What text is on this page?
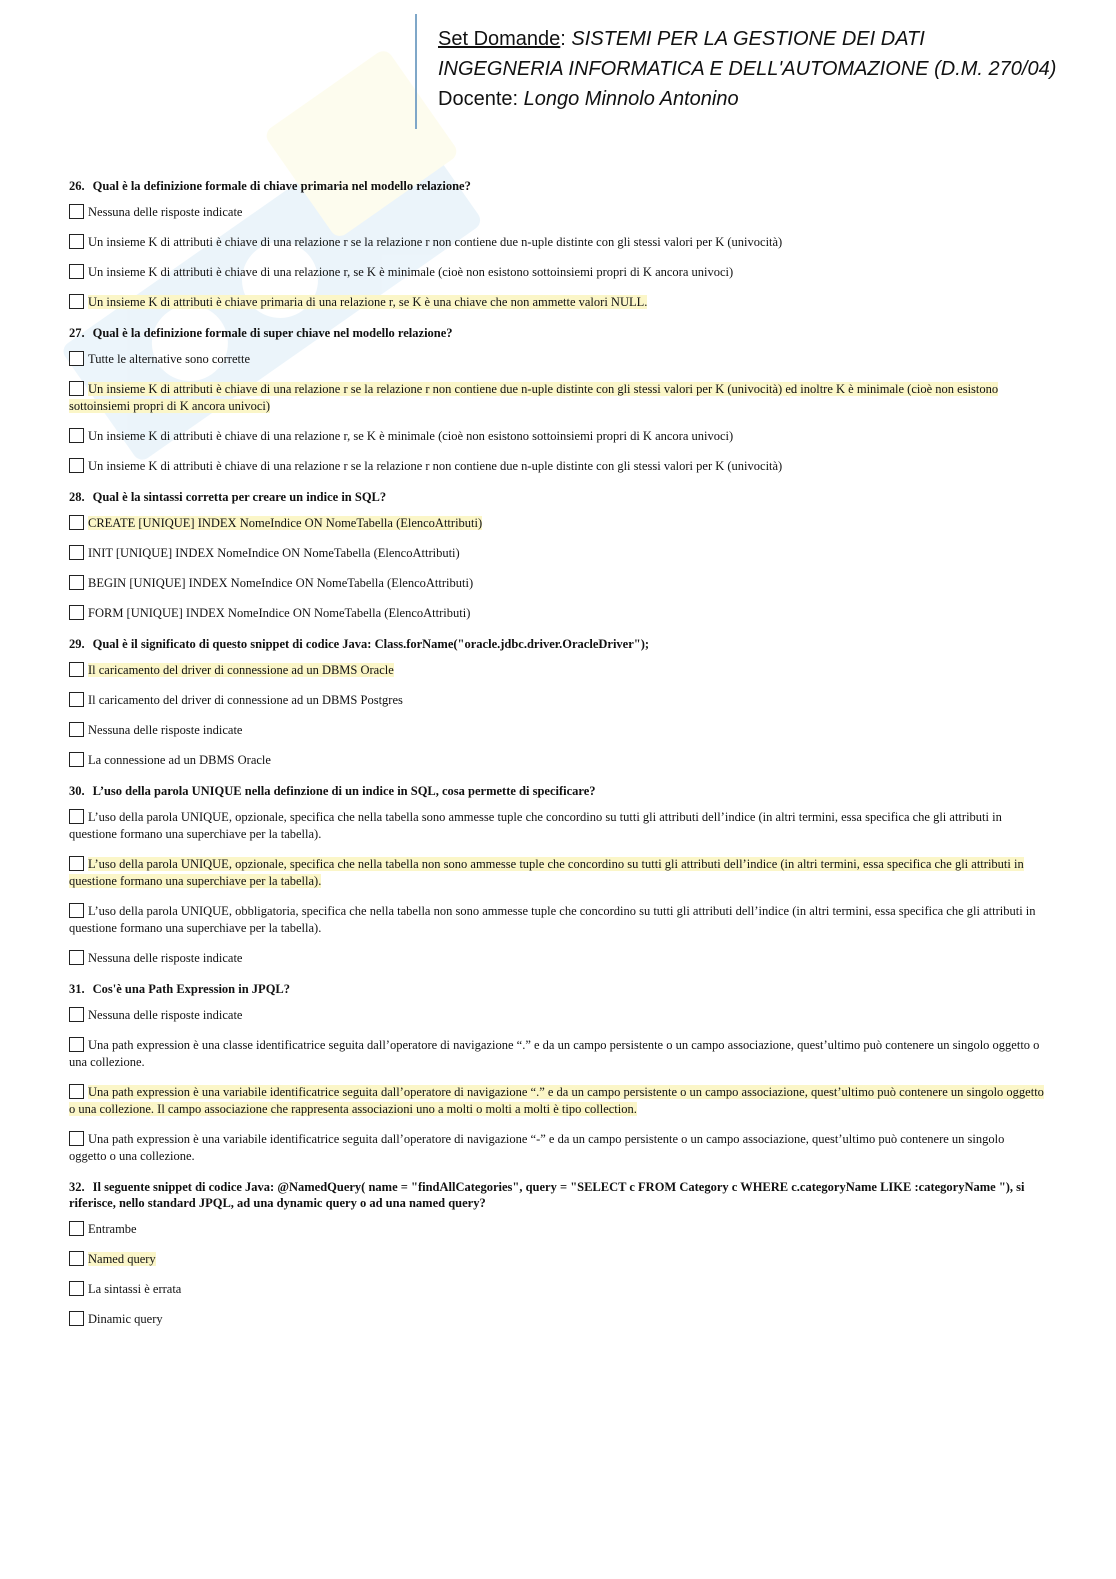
Set Domande: SISTEMI PER LA GESTIONE DEI DATI
INGEGNERIA INFORMATICA E DELL'AUTOMAZIONE (D.M. 270/04)
Docente: Longo Minnolo Antonino
26. Qual è la definizione formale di chiave primaria nel modello relazione?
Nessuna delle risposte indicate
Un insieme K di attributi è chiave di una relazione r se la relazione r non contiene due n-uple distinte con gli stessi valori per K (univocità)
Un insieme K di attributi è chiave di una relazione r, se K è minimale (cioè non esistono sottoinsiemi propri di K ancora univoci)
Un insieme K di attributi è chiave primaria di una relazione r, se K è una chiave che non ammette valori NULL.
27. Qual è la definizione formale di super chiave nel modello relazione?
Tutte le alternative sono corrette
Un insieme K di attributi è chiave di una relazione r se la relazione r non contiene due n-uple distinte con gli stessi valori per K (univocità) ed inoltre K è minimale (cioè non esistono sottoinsiemi propri di K ancora univoci)
Un insieme K di attributi è chiave di una relazione r, se K è minimale (cioè non esistono sottoinsiemi propri di K ancora univoci)
Un insieme K di attributi è chiave di una relazione r se la relazione r non contiene due n-uple distinte con gli stessi valori per K (univocità)
28. Qual è la sintassi corretta per creare un indice in SQL?
CREATE [UNIQUE] INDEX NomeIndice ON NomeTabella (ElencoAttributi)
INIT [UNIQUE] INDEX NomeIndice ON NomeTabella (ElencoAttributi)
BEGIN [UNIQUE] INDEX NomeIndice ON NomeTabella (ElencoAttributi)
FORM [UNIQUE] INDEX NomeIndice ON NomeTabella (ElencoAttributi)
29. Qual è il significato di questo snippet di codice Java: Class.forName("oracle.jdbc.driver.OracleDriver");
Il caricamento del driver di connessione ad un DBMS Oracle
Il caricamento del driver di connessione ad un DBMS Postgres
Nessuna delle risposte indicate
La connessione ad un DBMS Oracle
30. L’uso della parola UNIQUE nella definzione di un indice in SQL, cosa permette di specificare?
L’uso della parola UNIQUE, opzionale, specifica che nella tabella sono ammesse tuple che concordino su tutti gli attributi dell’indice (in altri termini, essa specifica che gli attributi in questione formano una superchiave per la tabella).
L’uso della parola UNIQUE, opzionale, specifica che nella tabella non sono ammesse tuple che concordino su tutti gli attributi dell’indice (in altri termini, essa specifica che gli attributi in questione formano una superchiave per la tabella).
L’uso della parola UNIQUE, obbligatoria, specifica che nella tabella non sono ammesse tuple che concordino su tutti gli attributi dell’indice (in altri termini, essa specifica che gli attributi in questione formano una superchiave per la tabella).
Nessuna delle risposte indicate
31. Cos'è una Path Expression in JPQL?
Nessuna delle risposte indicate
Una path expression è una classe identificatrice seguita dall’operatore di navigazione “.” e da un campo persistente o un campo associazione, quest’ultimo può contenere un singolo oggetto o una collezione.
Una path expression è una variabile identificatrice seguita dall’operatore di navigazione “.” e da un campo persistente o un campo associazione, quest’ultimo può contenere un singolo oggetto o una collezione. Il campo associazione che rappresenta associazioni uno a molti o molti a molti è tipo collection.
Una path expression è una variabile identificatrice seguita dall’operatore di navigazione “-” e da un campo persistente o un campo associazione, quest’ultimo può contenere un singolo oggetto o una collezione.
32. Il seguente snippet di codice Java: @NamedQuery( name = "findAllCategories", query = "SELECT c FROM Category c WHERE c.categoryName LIKE :categoryName "), si riferisce, nello standard JPQL, ad una dynamic query o ad una named query?
Entrambe
Named query
La sintassi è errata
Dinamic query
